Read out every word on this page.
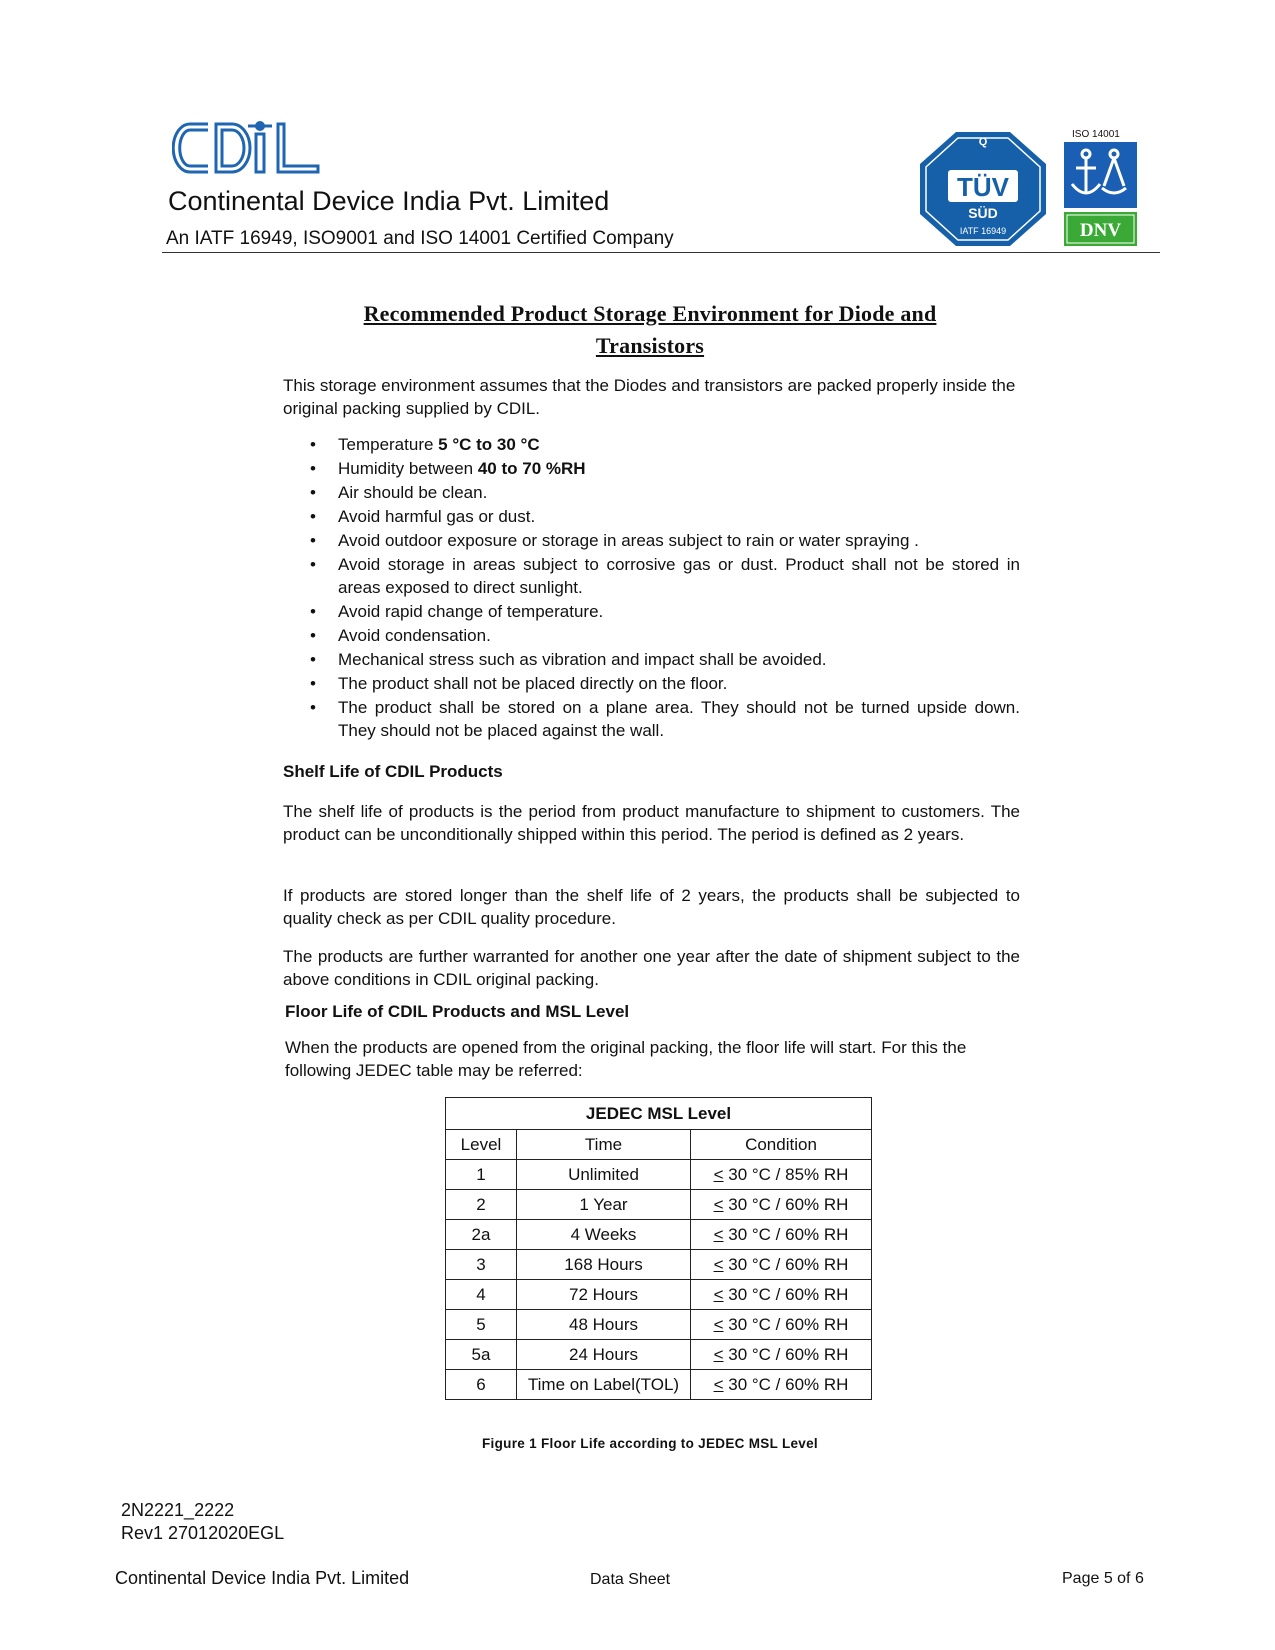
Continental Device India Pvt. Limited
An IATF 16949, ISO9001 and ISO 14001 Certified Company
Q
TÜV
SÜD
IATF 16949
ISO 14001
DNV
Recommended Product Storage Environment for Diode and
Transistors
This storage environment assumes that the Diodes and transistors are packed properly inside the original packing supplied by CDIL.
• Temperature 5 °C to 30 °C
• Humidity between 40 to 70 %RH
• Air should be clean.
• Avoid harmful gas or dust.
• Avoid outdoor exposure or storage in areas subject to rain or water spraying .
• Avoid storage in areas subject to corrosive gas or dust. Product shall not be stored in areas exposed to direct sunlight.
• Avoid rapid change of temperature.
• Avoid condensation.
• Mechanical stress such as vibration and impact shall be avoided.
• The product shall not be placed directly on the floor.
• The product shall be stored on a plane area. They should not be turned upside down. They should not be placed against the wall.
Shelf Life of CDIL Products
The shelf life of products is the period from product manufacture to shipment to customers. The product can be unconditionally shipped within this period. The period is defined as 2 years.
If products are stored longer than the shelf life of 2 years, the products shall be subjected to quality check as per CDIL quality procedure.
The products are further warranted for another one year after the date of shipment subject to the above conditions in CDIL original packing.
Floor Life of CDIL Products and MSL Level
When the products are opened from the original packing, the floor life will start. For this the following JEDEC table may be referred:
JEDEC MSL Level		
Level	Time	Condition
1	Unlimited	≤ 30 °C / 85% RH
2	1 Year	≤ 30 °C / 60% RH
2a	4 Weeks	≤ 30 °C / 60% RH
3	168 Hours	≤ 30 °C / 60% RH
4	72 Hours	≤ 30 °C / 60% RH
5	48 Hours	≤ 30 °C / 60% RH
5a	24 Hours	≤ 30 °C / 60% RH
6	Time on Label(TOL)	≤ 30 °C / 60% RH
Figure 1 Floor Life according to JEDEC MSL Level
2N2221_2222
Rev1 27012020EGL
Continental Device India Pvt. Limited	Data Sheet	Page 5 of 6
